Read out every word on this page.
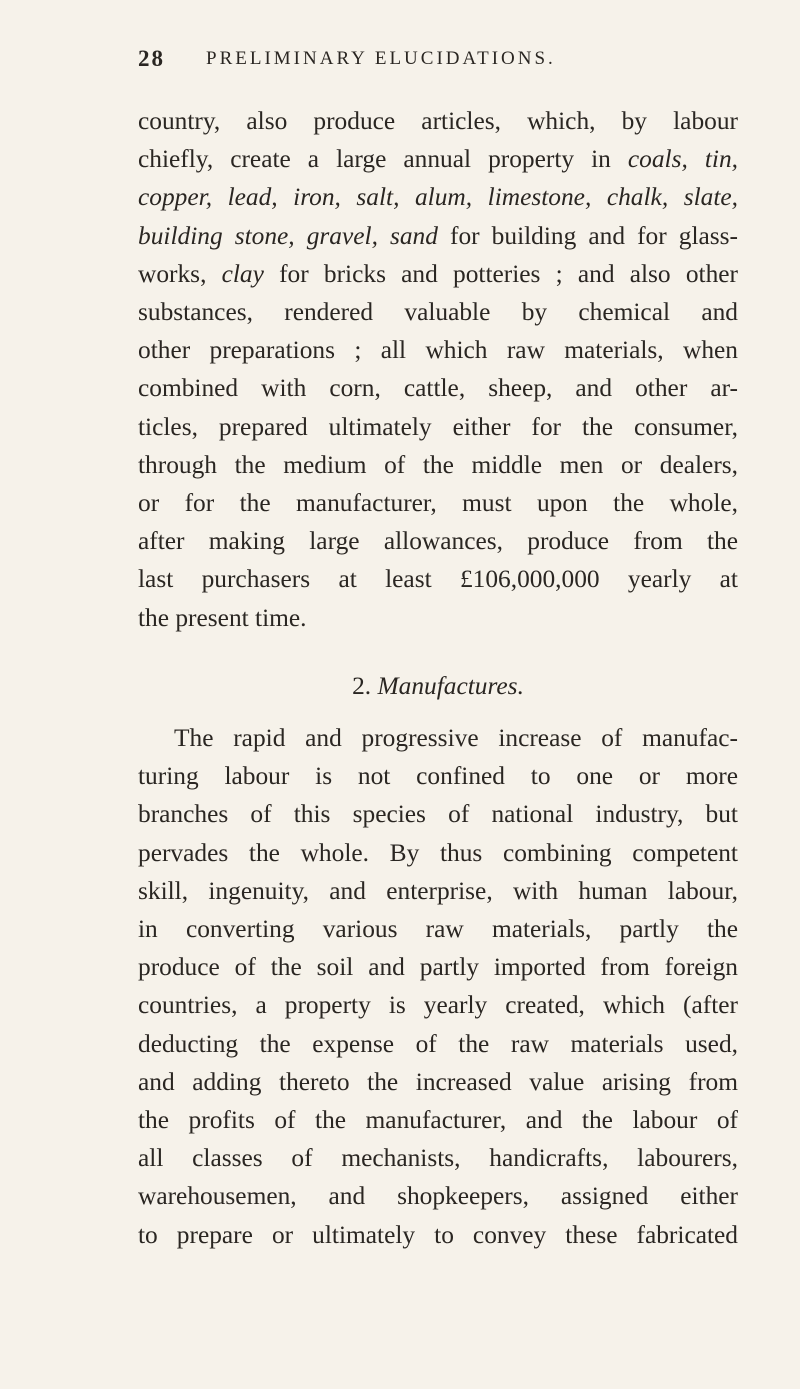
28 PRELIMINARY ELUCIDATIONS.
country, also produce articles, which, by labour
chiefly, create a large annual property in coals, tin,
copper, lead, iron, salt, alum, limestone, chalk, slate,
building stone, gravel, sand for building and for glass-
works, clay for bricks and potteries ; and also other
substances, rendered valuable by chemical and
other preparations ; all which raw materials, when
combined with corn, cattle, sheep, and other ar-
ticles, prepared ultimately either for the consumer,
through the medium of the middle men or dealers,
or for the manufacturer, must upon the whole,
after making large allowances, produce from the
last purchasers at least £106,000,000 yearly at
the present time.
2. Manufactures.
The rapid and progressive increase of manufac-
turing labour is not confined to one or more
branches of this species of national industry, but
pervades the whole. By thus combining competent
skill, ingenuity, and enterprise, with human labour,
in converting various raw materials, partly the
produce of the soil and partly imported from foreign
countries, a property is yearly created, which (after
deducting the expense of the raw materials used,
and adding thereto the increased value arising from
the profits of the manufacturer, and the labour of
all classes of mechanists, handicrafts, labourers,
warehousemen, and shopkeepers, assigned either
to prepare or ultimately to convey these fabricated
